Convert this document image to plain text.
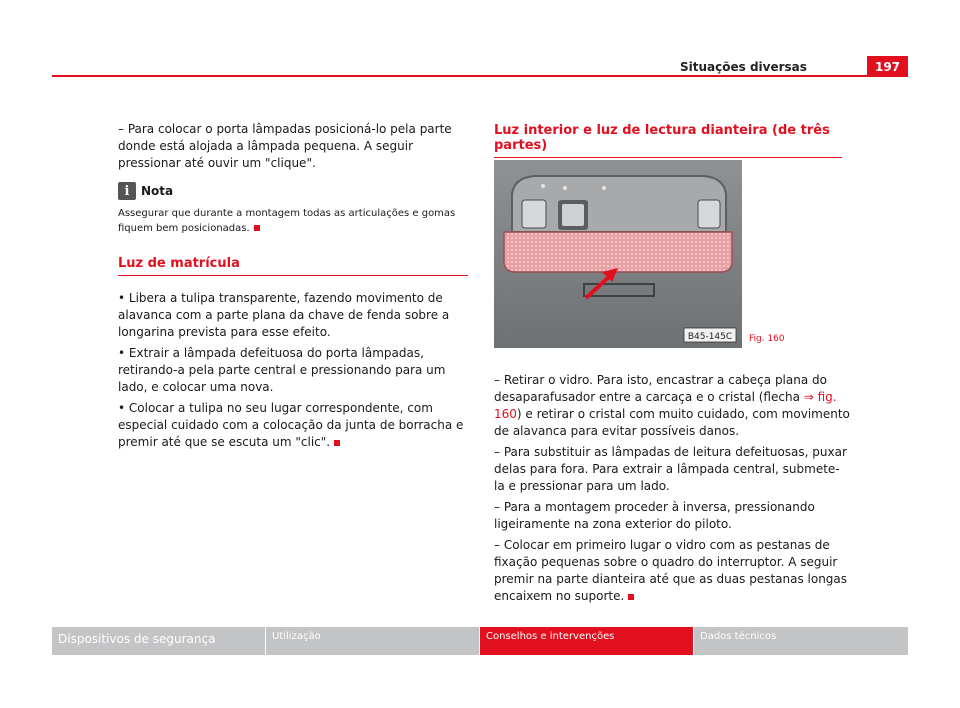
Situações diversas	197

– Para colocar o porta lâmpadas posicioná-lo pela parte donde está alojada a lâmpada pequena. A seguir pressionar até ouvir um "clique".

i Nota
Assegurar que durante a montagem todas as articulações e gomas fiquem bem posicionadas.
Luz de matrícula

• Libera a tulipa transparente, fazendo movimento de alavanca com a parte plana da chave de fenda sobre a longarina prevista para esse efeito.

• Extrair a lâmpada defeituosa do porta lâmpadas, retirando-a pela parte central e pressionando para um lado, e colocar uma nova.

• Colocar a tulipa no seu lugar correspondente, com especial cuidado com a colocação da junta de borracha e premir até que se escuta um "clic".

Luz interior e luz de lectura dianteira (de três partes)
B45-145C Fig. 160

– Retirar o vidro. Para isto, encastrar a cabeça plana do desaparafusador entre a carcaça e o cristal (flecha ⇒ fig. 160) e retirar o cristal com muito cuidado, com movimento de alavanca para evitar possíveis danos.

– Para substituir as lâmpadas de leitura defeituosas, puxar delas para fora. Para extrair a lâmpada central, submete-la e pressionar para um lado.

– Para a montagem proceder à inversa, pressionando ligeiramente na zona exterior do piloto.

– Colocar em primeiro lugar o vidro com as pestanas de fixação pequenas sobre o quadro do interruptor. A seguir premir na parte dianteira até que as duas pestanas longas encaixem no suporte.

Dispositivos de segurança	Utilização	Conselhos e intervenções	Dados técnicos
